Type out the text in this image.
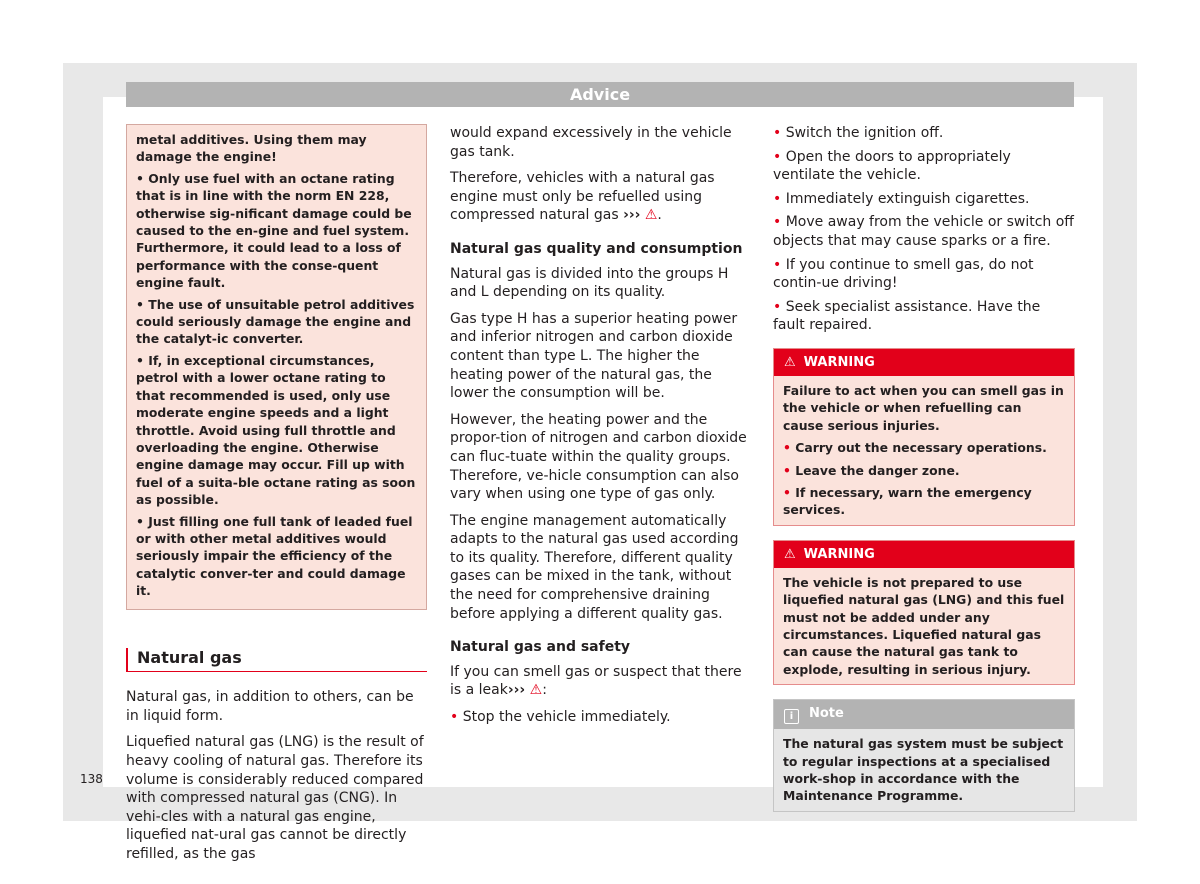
Advice

metal additives. Using them may damage the engine!

• Only use fuel with an octane rating that is in line with the norm EN 228, otherwise sig-nificant damage could be caused to the en-gine and fuel system. Furthermore, it could lead to a loss of performance with the conse-quent engine fault.

• The use of unsuitable petrol additives could seriously damage the engine and the catalyt-ic converter.

• If, in exceptional circumstances, petrol with a lower octane rating to that recommended is used, only use moderate engine speeds and a light throttle. Avoid using full throttle and overloading the engine. Otherwise engine damage may occur. Fill up with fuel of a suita-ble octane rating as soon as possible.

• Just filling one full tank of leaded fuel or with other metal additives would seriously impair the efficiency of the catalytic conver-ter and could damage it.

Natural gas

Natural gas, in addition to others, can be in liquid form.

Liquefied natural gas (LNG) is the result of heavy cooling of natural gas. Therefore its volume is considerably reduced compared with compressed natural gas (CNG). In vehi-cles with a natural gas engine, liquefied nat-ural gas cannot be directly refilled, as the gas

would expand excessively in the vehicle gas tank.

Therefore, vehicles with a natural gas engine must only be refuelled using compressed natural gas ››› ⚠.

Natural gas quality and consumption

Natural gas is divided into the groups H and L depending on its quality.

Gas type H has a superior heating power and inferior nitrogen and carbon dioxide content than type L. The higher the heating power of the natural gas, the lower the consumption will be.

However, the heating power and the propor-tion of nitrogen and carbon dioxide can fluc-tuate within the quality groups. Therefore, ve-hicle consumption can also vary when using one type of gas only.

The engine management automatically adapts to the natural gas used according to its quality. Therefore, different quality gases can be mixed in the tank, without the need for comprehensive draining before applying a different quality gas.

Natural gas and safety

If you can smell gas or suspect that there is a leak››› ⚠:

• Stop the vehicle immediately.

• Switch the ignition off.

• Open the doors to appropriately ventilate the vehicle.

• Immediately extinguish cigarettes.

• Move away from the vehicle or switch off objects that may cause sparks or a fire.

• If you continue to smell gas, do not contin-ue driving!

• Seek specialist assistance. Have the fault repaired.

⚠ WARNING

Failure to act when you can smell gas in the vehicle or when refuelling can cause serious injuries.

• Carry out the necessary operations.

• Leave the danger zone.

• If necessary, warn the emergency services.

⚠ WARNING

The vehicle is not prepared to use liquefied natural gas (LNG) and this fuel must not be added under any circumstances. Liquefied natural gas can cause the natural gas tank to explode, resulting in serious injury.

i Note
The natural gas system must be subject to regular inspections at a specialised work-shop in accordance with the Maintenance Programme.
138
